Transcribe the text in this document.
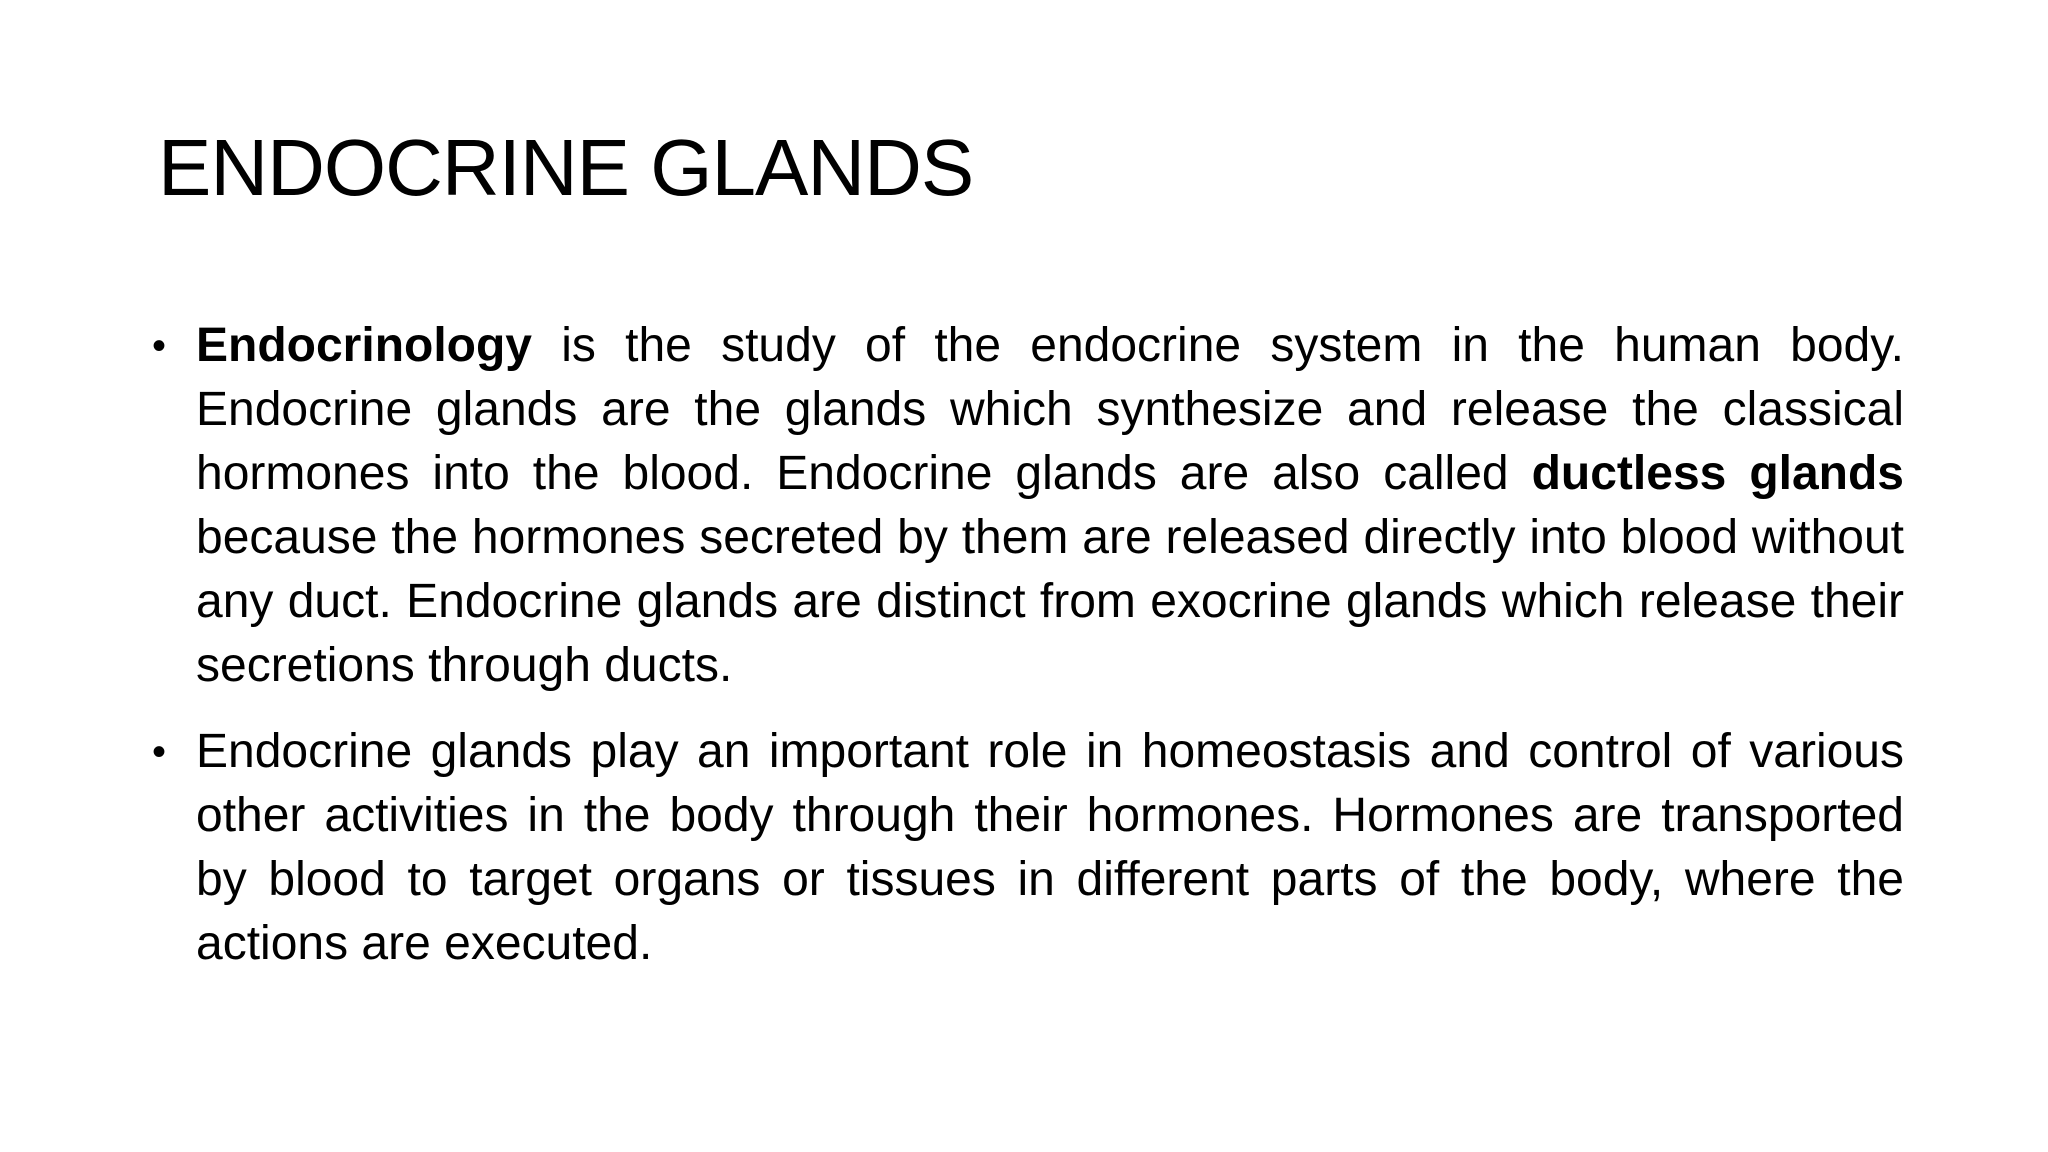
ENDOCRINE GLANDS
• Endocrinology is the study of the endocrine system in the human body. Endocrine glands are the glands which synthesize and release the classical hormones into the blood. Endocrine glands are also called ductless glands because the hormones secreted by them are released directly into blood without any duct. Endocrine glands are distinct from exocrine glands which release their secretions through ducts.
• Endocrine glands play an important role in homeostasis and control of various other activities in the body through their hormones. Hormones are transported by blood to target organs or tissues in different parts of the body, where the actions are executed.
